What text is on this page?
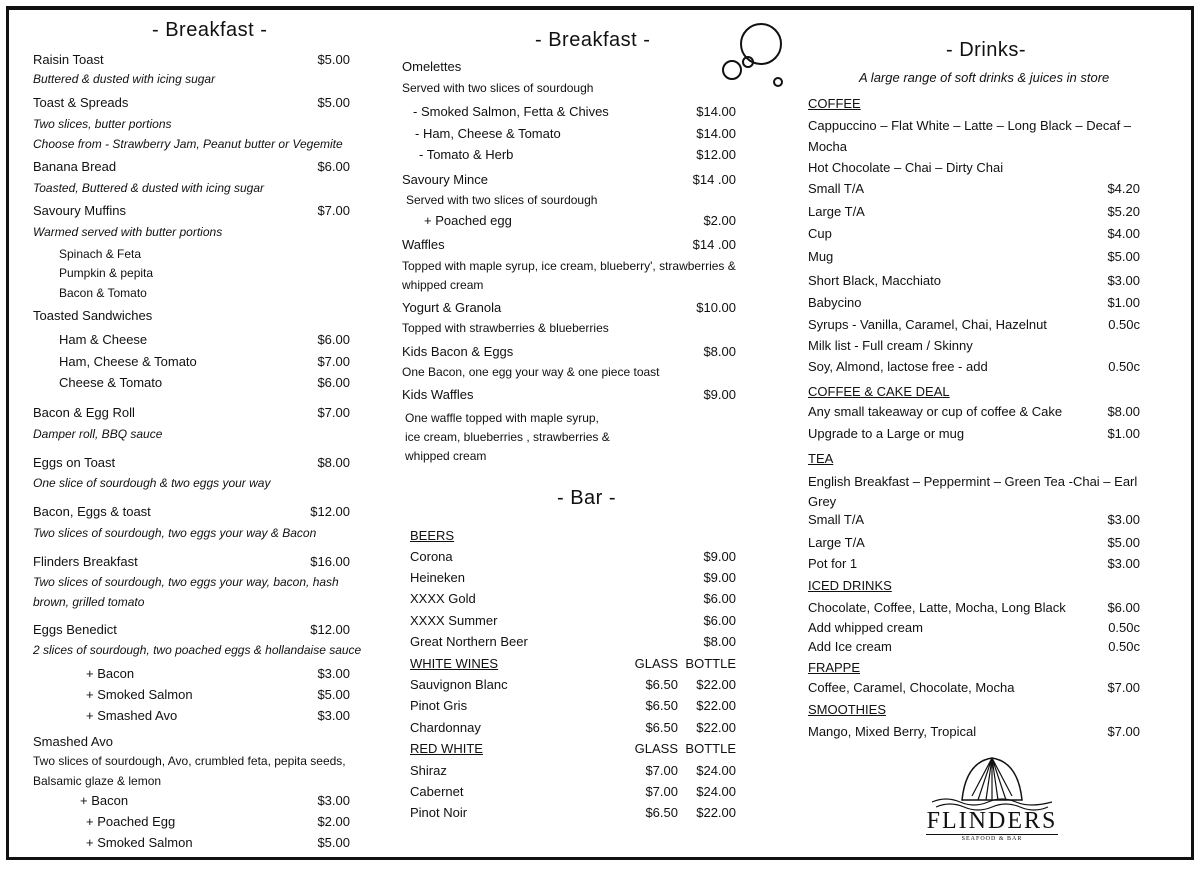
- Breakfast -
Raisin Toast	$5.00
Buttered & dusted with icing sugar
Toast & Spreads	$5.00
Two slices, butter portions
Choose from - Strawberry Jam, Peanut butter or Vegemite
Banana Bread	$6.00
Toasted, Buttered & dusted with icing sugar
Savoury Muffins	$7.00
Warmed served with butter portions
Spinach & Feta
Pumpkin & pepita
Bacon & Tomato
Toasted Sandwiches
Ham & Cheese	$6.00
Ham, Cheese & Tomato	$7.00
Cheese & Tomato	$6.00
Bacon & Egg Roll	$7.00
Damper roll, BBQ sauce
Eggs on Toast	$8.00
One slice of sourdough & two eggs your way
Bacon, Eggs & toast	$12.00
Two slices of sourdough, two eggs your way & Bacon
Flinders Breakfast	$16.00
Two slices of sourdough, two eggs your way, bacon, hash
brown, grilled tomato
Eggs Benedict	$12.00
2 slices of sourdough, two poached eggs & hollandaise sauce
+ Bacon	$3.00
+ Smoked Salmon	$5.00
+ Smashed Avo	$3.00
Smashed Avo
Two slices of sourdough, Avo, crumbled feta, pepita seeds,
Balsamic glaze & lemon
+ Bacon	$3.00
+ Poached Egg	$2.00
+ Smoked Salmon	$5.00
- Breakfast -
Omelettes
Served with two slices of sourdough
- Smoked Salmon, Fetta & Chives	$14.00
- Ham, Cheese & Tomato	$14.00
- Tomato & Herb	$12.00
Savoury Mince	$14 .00
Served with two slices of sourdough
+ Poached egg	$2.00
Waffles	$14 .00
Topped with maple syrup, ice cream, blueberry', strawberries &
whipped cream
Yogurt & Granola	$10.00
Topped with strawberries & blueberries
Kids Bacon & Eggs	$8.00
One Bacon, one egg your way & one piece toast
Kids Waffles	$9.00
One waffle topped with maple syrup,
ice cream, blueberries , strawberries &
whipped cream
- Bar -
BEERS
Corona	$9.00
Heineken	$9.00
XXXX Gold	$6.00
XXXX Summer	$6.00
Great Northern Beer	$8.00
WHITE WINES	GLASS BOTTLE
Sauvignon Blanc	$6.50	$22.00
Pinot Gris	$6.50	$22.00
Chardonnay	$6.50	$22.00
RED WHITE	GLASS BOTTLE
Shiraz	$7.00	$24.00
Cabernet	$7.00	$24.00
Pinot Noir	$6.50	$22.00
- Drinks-
A large range of soft drinks & juices in store
COFFEE
Cappuccino – Flat White – Latte – Long Black – Decaf –
Mocha
Hot Chocolate – Chai – Dirty Chai
Small T/A	$4.20
Large T/A	$5.20
Cup	$4.00
Mug	$5.00
Short Black, Macchiato	$3.00
Babycino	$1.00
Syrups - Vanilla, Caramel, Chai, Hazelnut	0.50c
Milk list - Full cream / Skinny
Soy, Almond, lactose free - add	0.50c
COFFEE & CAKE DEAL
Any small takeaway or cup of coffee & Cake	$8.00
Upgrade to a Large or mug	$1.00
TEA
English Breakfast – Peppermint – Green Tea -Chai – Earl
Grey
Small T/A	$3.00
Large T/A	$5.00
Pot for 1	$3.00
ICED DRINKS
Chocolate, Coffee, Latte, Mocha, Long Black	$6.00
Add whipped cream	0.50c
Add Ice cream	0.50c
FRAPPE
Coffee, Caramel, Chocolate, Mocha	$7.00
SMOOTHIES
Mango, Mixed Berry, Tropical	$7.00
FLINDERS
SEAFOOD & BAR
